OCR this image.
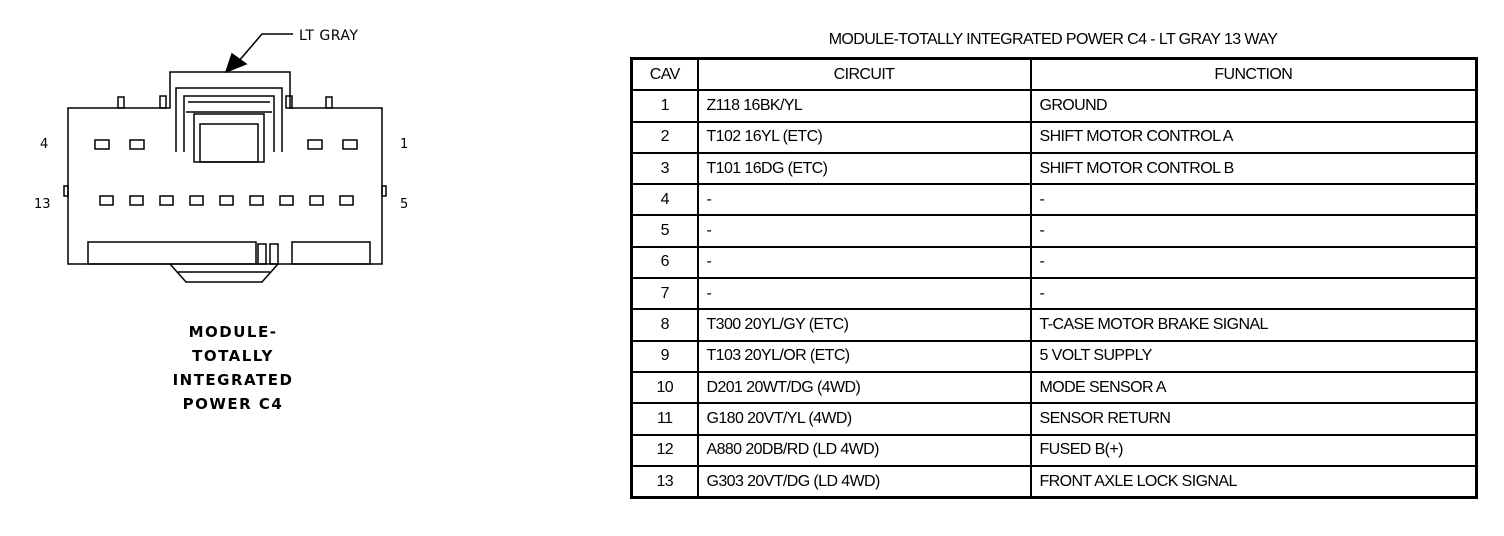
LT GRAY
4	1
13	5
MODULE-
TOTALLY
INTEGRATED
POWER C4
MODULE-TOTALLY INTEGRATED POWER C4 - LT GRAY 13 WAY
CAV	CIRCUIT	FUNCTION
1	Z118 16BK/YL	GROUND
2	T102 16YL (ETC)	SHIFT MOTOR CONTROL A
3	T101 16DG (ETC)	SHIFT MOTOR CONTROL B
4	-	-
5	-	-
6	-	-
7	-	-
8	T300 20YL/GY (ETC)	T-CASE MOTOR BRAKE SIGNAL
9	T103 20YL/OR (ETC)	5 VOLT SUPPLY
10	D201 20WT/DG (4WD)	MODE SENSOR A
11	G180 20VT/YL (4WD)	SENSOR RETURN
12	A880 20DB/RD (LD 4WD)	FUSED B(+)
13	G303 20VT/DG (LD 4WD)	FRONT AXLE LOCK SIGNAL
